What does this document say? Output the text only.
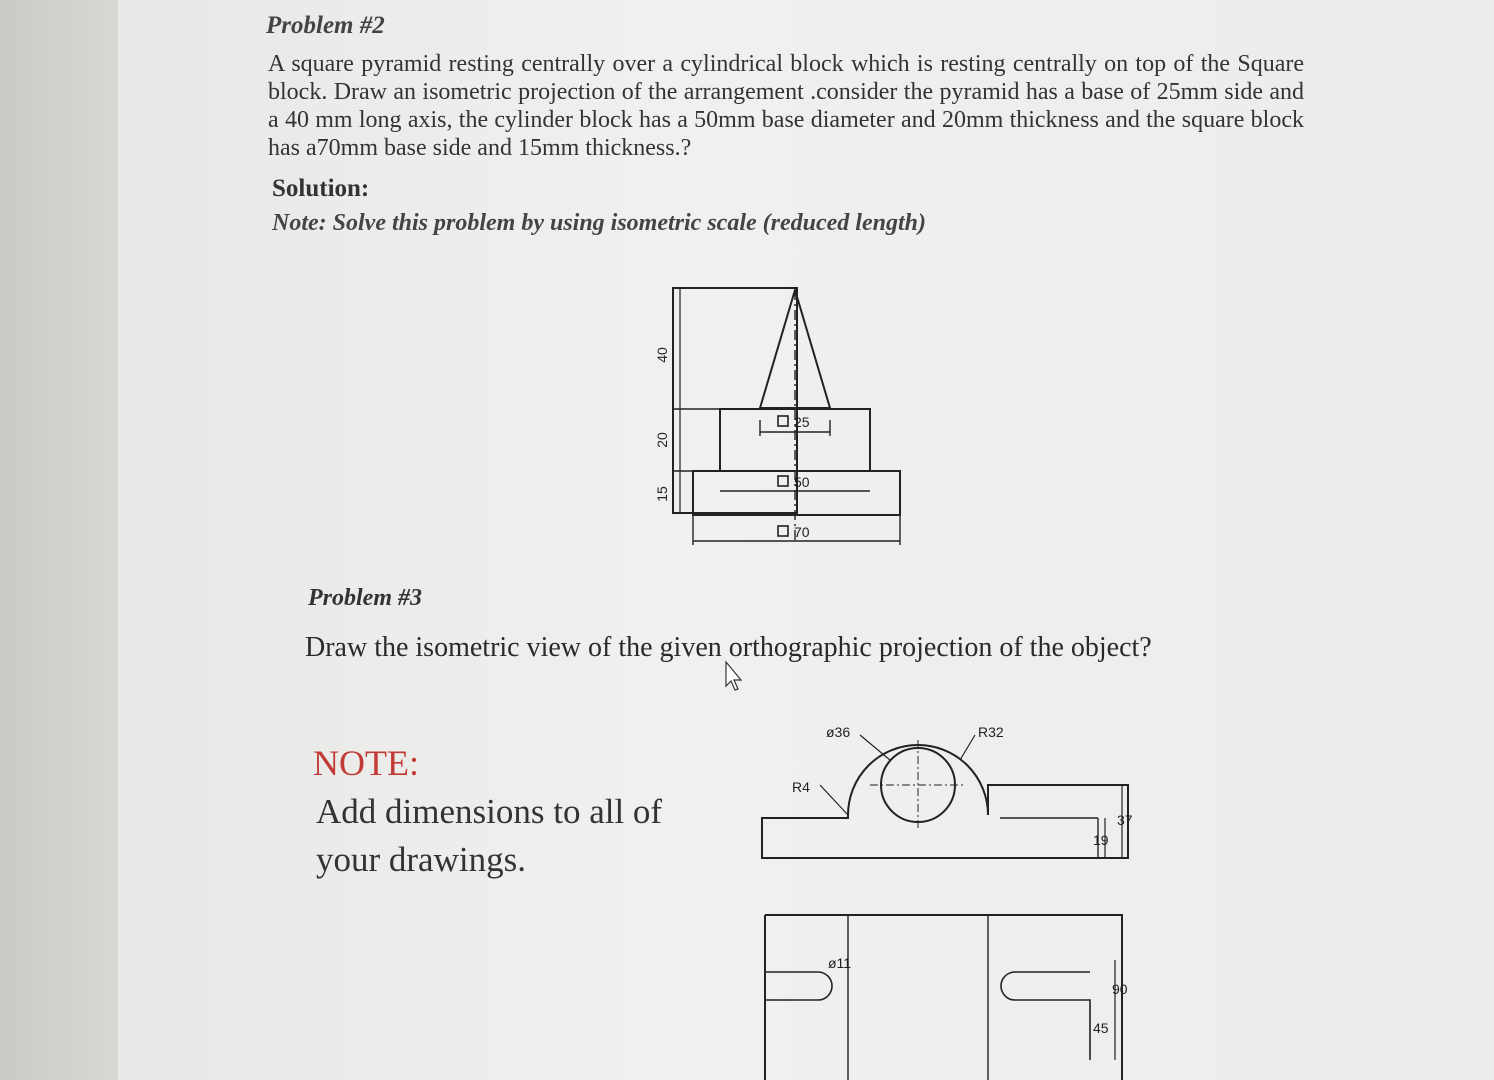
Problem #2

A square pyramid resting centrally over a cylindrical block which is resting centrally on top of the Square block. Draw an isometric projection of the arrangement .consider the pyramid has a base of 25mm side and a 40 mm long axis, the cylinder block has a 50mm base diameter and 20mm thickness and the square block has a70mm base side and 15mm thickness.?

Solution:

Note: Solve this problem by using isometric scale (reduced length)

40
20
15
25
50
70
ø36	R32
R4
37
19
ø11
90
45

Problem #3

Draw the isometric view of the given orthographic projection of the object?

NOTE:

Add dimensions to all of your drawings.
